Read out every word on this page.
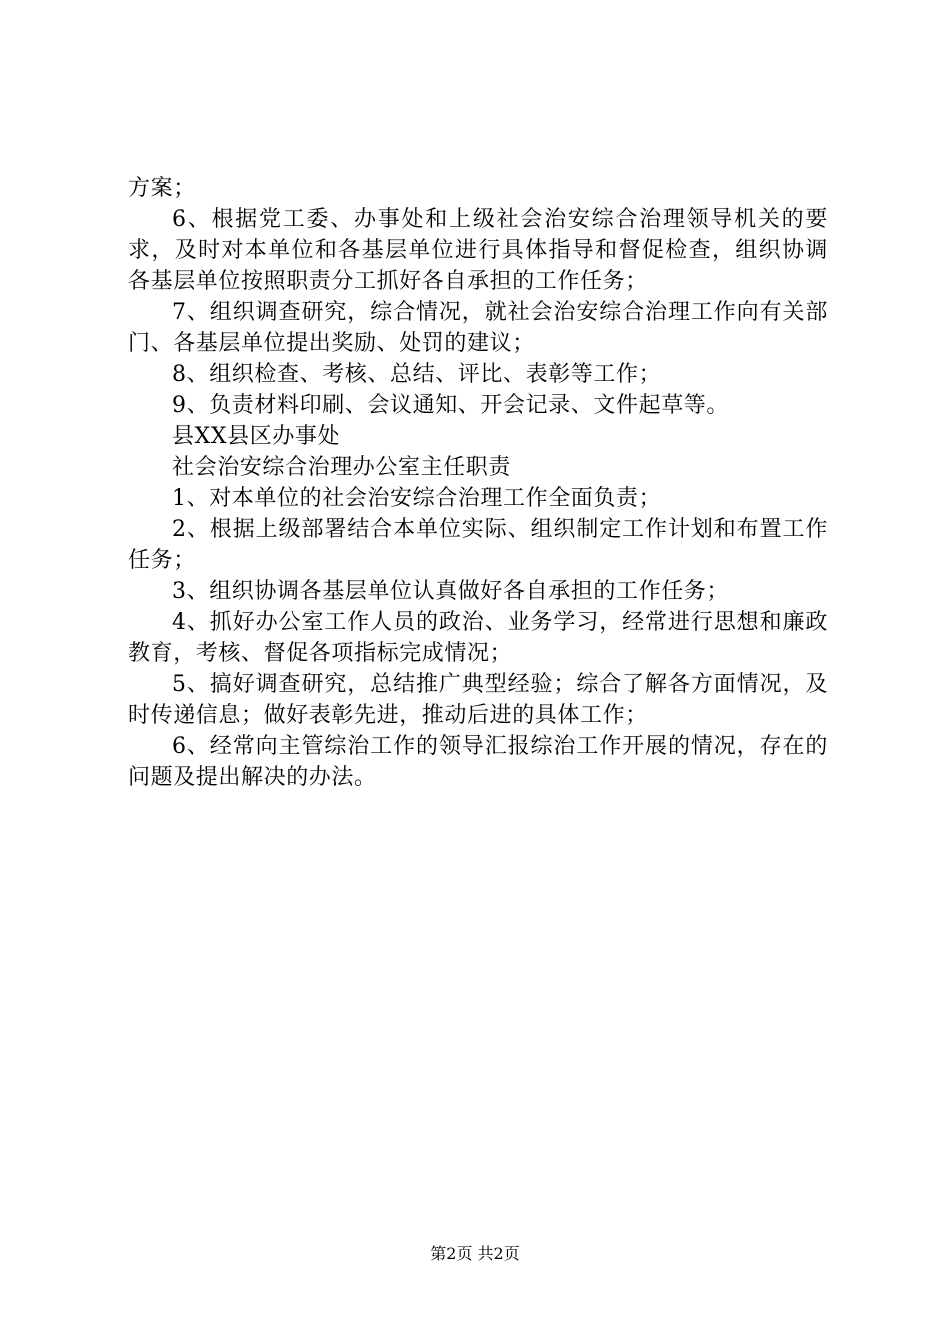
方案；

6、根据党工委、办事处和上级社会治安综合治理领导机关的要求，及时对本单位和各基层单位进行具体指导和督促检查，组织协调各基层单位按照职责分工抓好各自承担的工作任务；

7、组织调查研究，综合情况，就社会治安综合治理工作向有关部门、各基层单位提出奖励、处罚的建议；

8、组织检查、考核、总结、评比、表彰等工作；

9、负责材料印刷、会议通知、开会记录、文件起草等。

县XX县区办事处

社会治安综合治理办公室主任职责

1、对本单位的社会治安综合治理工作全面负责；

2、根据上级部署结合本单位实际、组织制定工作计划和布置工作任务；

3、组织协调各基层单位认真做好各自承担的工作任务；

4、抓好办公室工作人员的政治、业务学习，经常进行思想和廉政教育，考核、督促各项指标完成情况；

5、搞好调查研究，总结推广典型经验；综合了解各方面情况，及时传递信息；做好表彰先进，推动后进的具体工作；

6、经常向主管综治工作的领导汇报综治工作开展的情况，存在的问题及提出解决的办法。

第2页 共2页
